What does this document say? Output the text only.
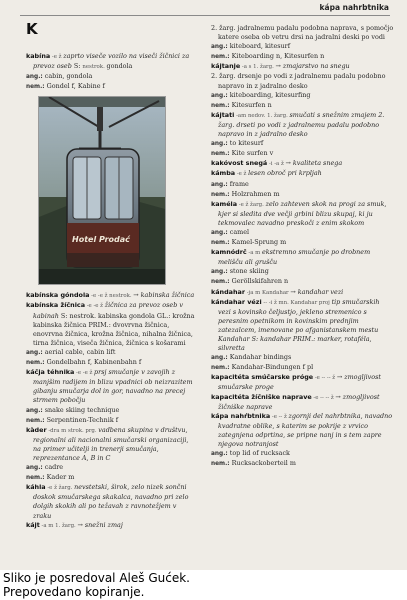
kápa nahrbtnika
K
kabína -e ž zaprto viseče vozilo na viseči žičnici za prevoz oseb S: nestrok. gondola
ang.: cabin, gondola
nem.: Gondel f, Kabine f
Hotel Prodać
kabínska góndola -e -e ž nestrok. → kabinska žičnica
kabínska žíčnica -e -e ž žičnica za prevoz oseb v kabinah S: nestrok. kabinska gondola GL.: krožna kabinska žičnica PRIM.: dvovrvna žičnica, enovrvna žičnica, krožna žičnica, nihalna žičnica, tirna žičnica, viseča žičnica, žičnica s košarami
ang.: aerial cable, cabin lift
nem.: Gondelbahn f, Kabinenbahn f
káčja téhnika -e -e ž prsj smučanje v zavojih z manjšim radijem in blizu vpadnici ob neizrazitem gibanju smučarja dol in gor, navadno na precej strmem pobočju
ang.: snake skiing technique
nem.: Serpentinen-Technik f
kàder -dra m strok. prg. vadbena skupina v društvu, regionalni ali nacionalni smučarski organizaciji, na primer učitelji in trenerji smučanja, reprezentance A, B in C
ang.: cadre
nem.: Kader m
káhla -e ž žarg. nevstetski, širok, zelo nizek sončni doskok smučarskega skakalca, navadno pri zelo dolgih skokih ali po težavah z ravnotežjem v zraku
kájt -a m 1. žarg. → snežni zmaj
2. žarg. jadralnemu padalu podobna naprava, s pomočjo katere oseba ob vetru drsi na jadralni deski po vodi
ang.: kiteboard, kitesurf
nem.: Kiteboarding n, Kitesurfen n
kájtanje -a s 1. žarg. → zmajarstvo na snegu
2. žarg. drsenje po vodi z jadralnemu padalu podobno napravo in z jadralno desko
ang.: kiteboarding, kitesurfing
nem.: Kitesurfen n
kájtati -am nedov. 1. žarg. smučati s snežnim zmajem 2. žarg. drseti po vodi z jadralnemu padalu podobno napravo in z jadralno desko
ang.: to kitesurf
nem.: Kite surfen v
kakóvost snegá -i -a ž → kvaliteta snega
kámba -e ž lesen obroč pri krpljah
ang.: frame
nem.: Holzrahmen m
kaméla -e ž žarg. zelo zahteven skok na progi za smuk, kjer si sledita dve večji grbini blizu skupaj, ki ju tekmovalec navadno preskoči z enim skokom
ang.: camel
nem.: Kamel-Sprung m
kamnódrč -a m ekstremno smučanje po drobnem melišču ali grušču
ang.: stone skiing
nem.: Geröllskifahren n
kándahar -ja m Kandahar → kandahar vezi
kándahar vézi -- -i ž mn. Kandahar proj tip smučarskih vezi s kovinsko čeljustjo, jekleno stremenico s peresnim opetnikom in kovinskim prednjim zatezalcem, imenovane po afganistanskem mestu Kandahar S: kandahar PRIM.: marker, rotaféla, silvretta
ang.: Kandahar bindings
nem.: Kandahar-Bindungen f pl
kapacitéta smúčarske próge -e -- -- ž → zmogljivost smučarske proge
kapacitéta žíčniške naprave -e -- -- ž → zmogljivost žičniške naprave
kápa nahŕbtnika -e -- ž zgornji del nahrbtnika, navadno kvadratne oblike, s katerim se pokrije z vrvico zategnjena odprtina, se pripne nanj in s tem zapre njegova notranjost
ang.: top lid of rucksack
nem.: Rucksackoberteil m
Sliko je posredoval Aleš Gućek.
Prepovedano kopiranje.
